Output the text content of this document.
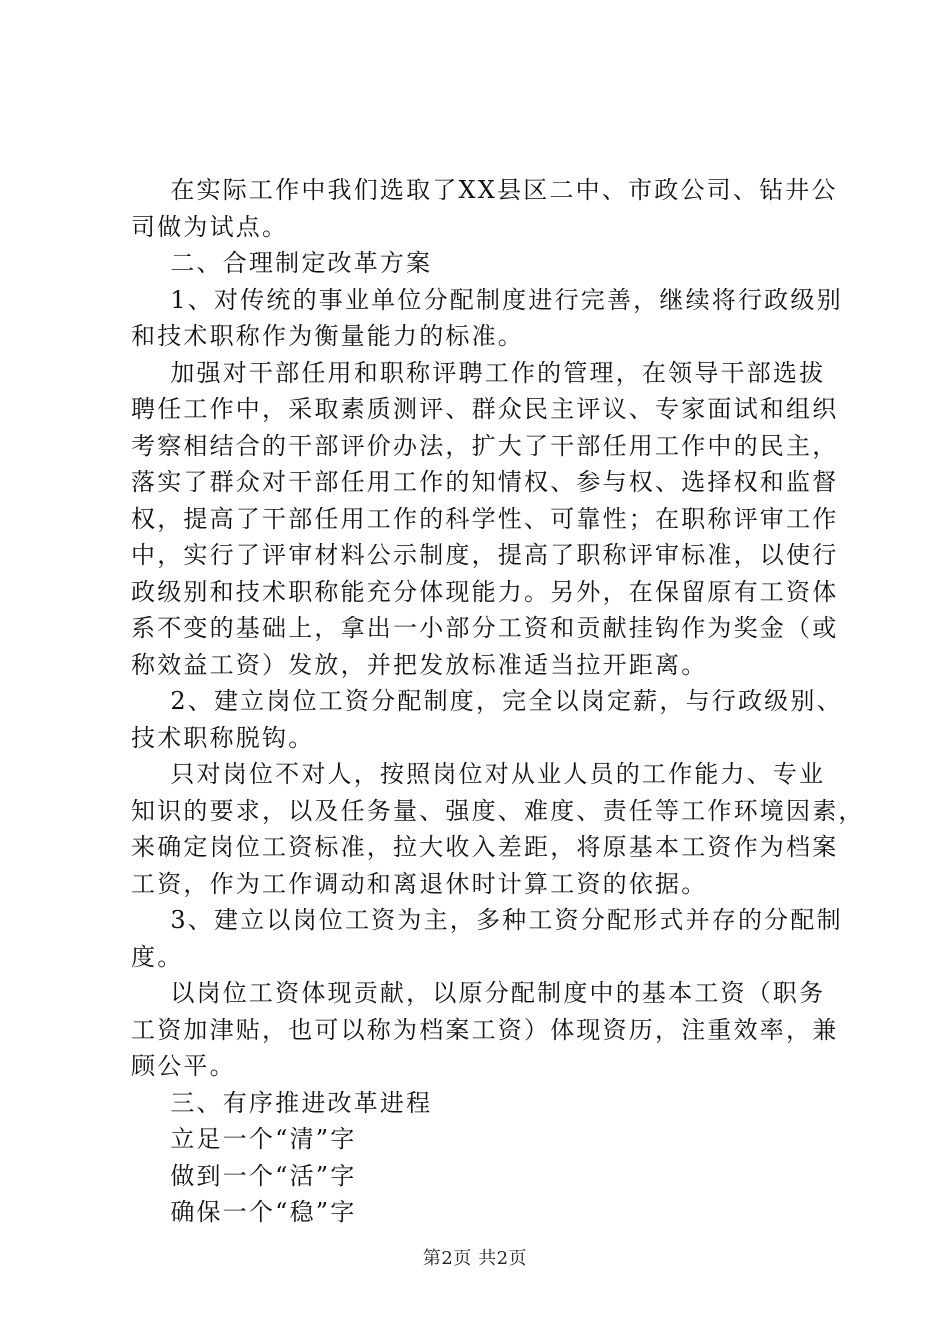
在实际工作中我们选取了XX县区二中、市政公司、钻井公
司做为试点。
二、合理制定改革方案
1、对传统的事业单位分配制度进行完善，继续将行政级别
和技术职称作为衡量能力的标准。
加强对干部任用和职称评聘工作的管理，在领导干部选拔
聘任工作中，采取素质测评、群众民主评议、专家面试和组织
考察相结合的干部评价办法，扩大了干部任用工作中的民主，
落实了群众对干部任用工作的知情权、参与权、选择权和监督
权，提高了干部任用工作的科学性、可靠性；在职称评审工作
中，实行了评审材料公示制度，提高了职称评审标准，以使行
政级别和技术职称能充分体现能力。另外，在保留原有工资体
系不变的基础上，拿出一小部分工资和贡献挂钩作为奖金（或
称效益工资）发放，并把发放标准适当拉开距离。
2、建立岗位工资分配制度，完全以岗定薪，与行政级别、
技术职称脱钩。
只对岗位不对人，按照岗位对从业人员的工作能力、专业
知识的要求，以及任务量、强度、难度、责任等工作环境因素，
来确定岗位工资标准，拉大收入差距，将原基本工资作为档案
工资，作为工作调动和离退休时计算工资的依据。
3、建立以岗位工资为主，多种工资分配形式并存的分配制
度。
以岗位工资体现贡献，以原分配制度中的基本工资（职务
工资加津贴，也可以称为档案工资）体现资历，注重效率，兼
顾公平。
三、有序推进改革进程
立足一个“清”字
做到一个“活”字
确保一个“稳”字
第2页 共2页
